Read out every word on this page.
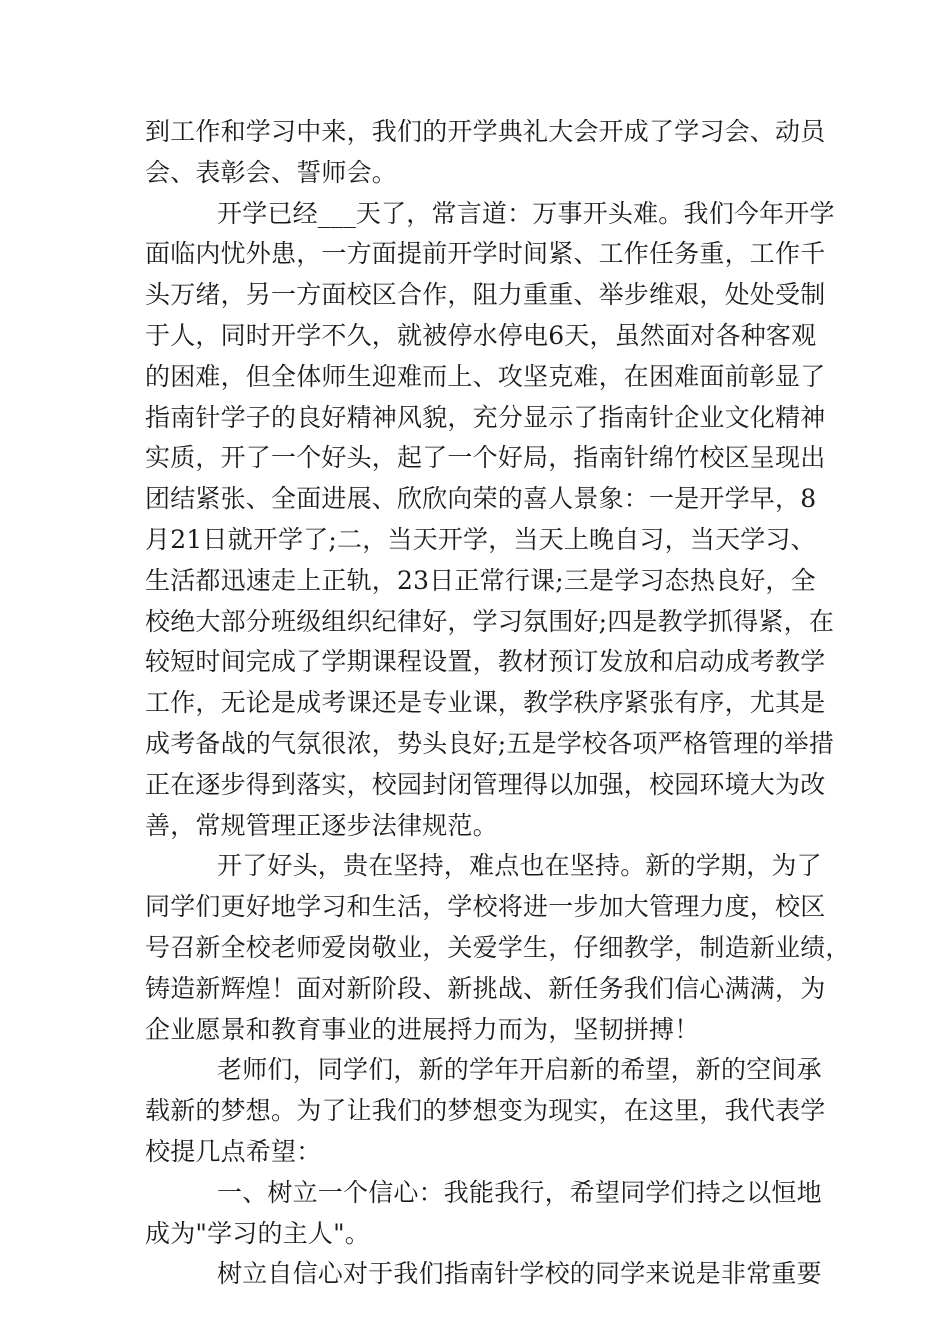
到工作和学习中来，我们的开学典礼大会开成了学习会、动员
会、表彰会、誓师会。
开学已经___天了，常言道：万事开头难。我们今年开学
面临内忧外患，一方面提前开学时间紧、工作任务重，工作千
头万绪，另一方面校区合作，阻力重重、举步维艰，处处受制
于人，同时开学不久，就被停水停电6天，虽然面对各种客观
的困难，但全体师生迎难而上、攻坚克难，在困难面前彰显了
指南针学子的良好精神风貌，充分显示了指南针企业文化精神
实质，开了一个好头，起了一个好局，指南针绵竹校区呈现出
团结紧张、全面进展、欣欣向荣的喜人景象：一是开学早，8
月21日就开学了;二，当天开学，当天上晚自习，当天学习、
生活都迅速走上正轨，23日正常行课;三是学习态热良好，全
校绝大部分班级组织纪律好，学习氛围好;四是教学抓得紧，在
较短时间完成了学期课程设置，教材预订发放和启动成考教学
工作，无论是成考课还是专业课，教学秩序紧张有序，尤其是
成考备战的气氛很浓，势头良好;五是学校各项严格管理的举措
正在逐步得到落实，校园封闭管理得以加强，校园环境大为改
善，常规管理正逐步法律规范。
开了好头，贵在坚持，难点也在坚持。新的学期，为了
同学们更好地学习和生活，学校将进一步加大管理力度，校区
号召新全校老师爱岗敬业，关爱学生，仔细教学，制造新业绩，
铸造新辉煌！面对新阶段、新挑战、新任务我们信心满满，为
企业愿景和教育事业的进展捋力而为，坚韧拼搏！
老师们，同学们，新的学年开启新的希望，新的空间承
载新的梦想。为了让我们的梦想变为现实，在这里，我代表学
校提几点希望：
一、树立一个信心：我能我行，希望同学们持之以恒地
成为"学习的主人"。
树立自信心对于我们指南针学校的同学来说是非常重要
